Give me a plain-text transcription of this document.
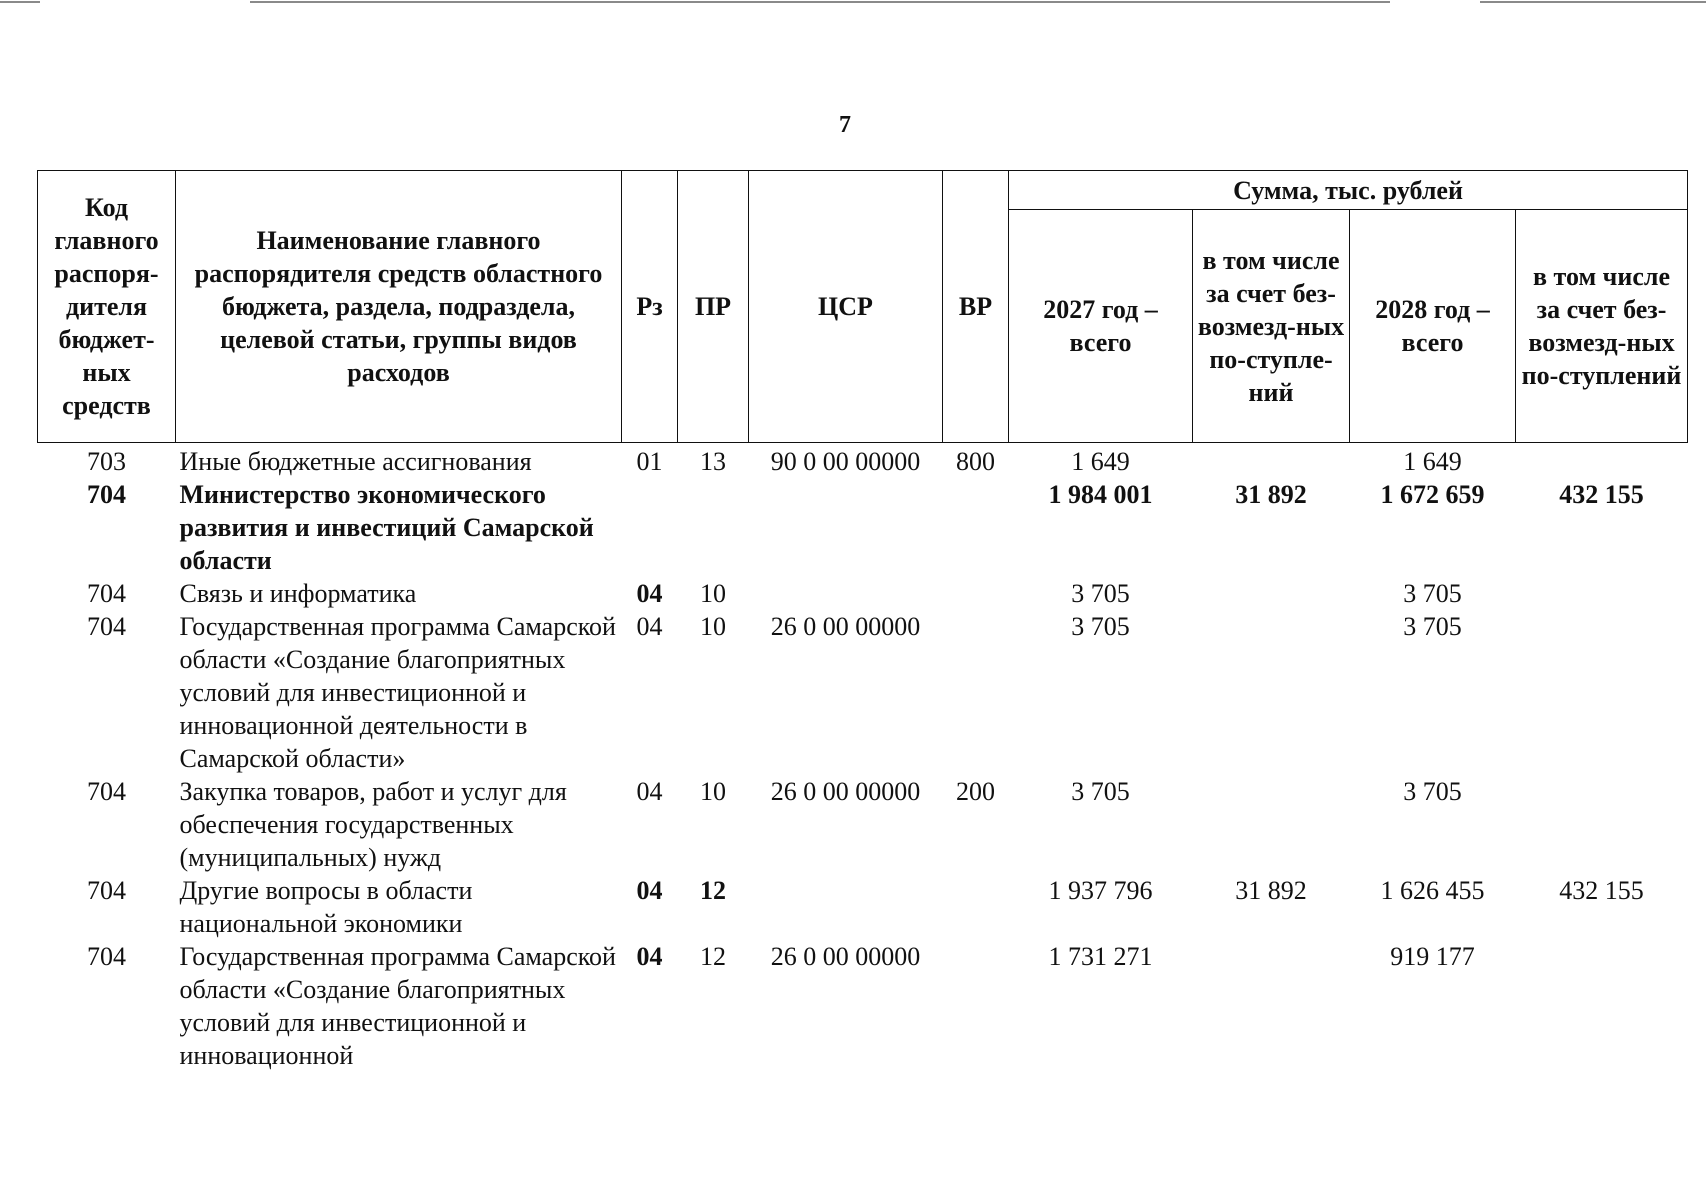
7
Код главного распоря-дителя бюджет-ных средств	Наименование главного распорядителя средств областного бюджета, раздела, подраздела, целевой статьи, группы видов расходов	Рз	ПР	ЦСР	ВР	Сумма, тыс. рублей			
						2027 год – всего	в том числе за счет без-возмезд-ных по-ступле-ний	2028 год – всего	в том числе за счет без-возмезд-ных по-ступлений
703	Иные бюджетные ассигнования	01	13	90 0 00 00000	800	1 649		1 649	
704	Министерство экономического развития и инвестиций Самарской области					1 984 001	31 892	1 672 659	432 155
704	Связь и информатика	04	10			3 705		3 705	
704	Государственная программа Самарской области «Создание благоприятных условий для инвестиционной и инновационной деятельности в Самарской области»	04	10	26 0 00 00000		3 705		3 705	
704	Закупка товаров, работ и услуг для обеспечения государственных (муниципальных) нужд	04	10	26 0 00 00000	200	3 705		3 705	
704	Другие вопросы в области национальной экономики	04	12			1 937 796	31 892	1 626 455	432 155
704	Государственная программа Самарской области «Создание благоприятных условий для инвестиционной и инновационной	04	12	26 0 00 00000		1 731 271		919 177	
